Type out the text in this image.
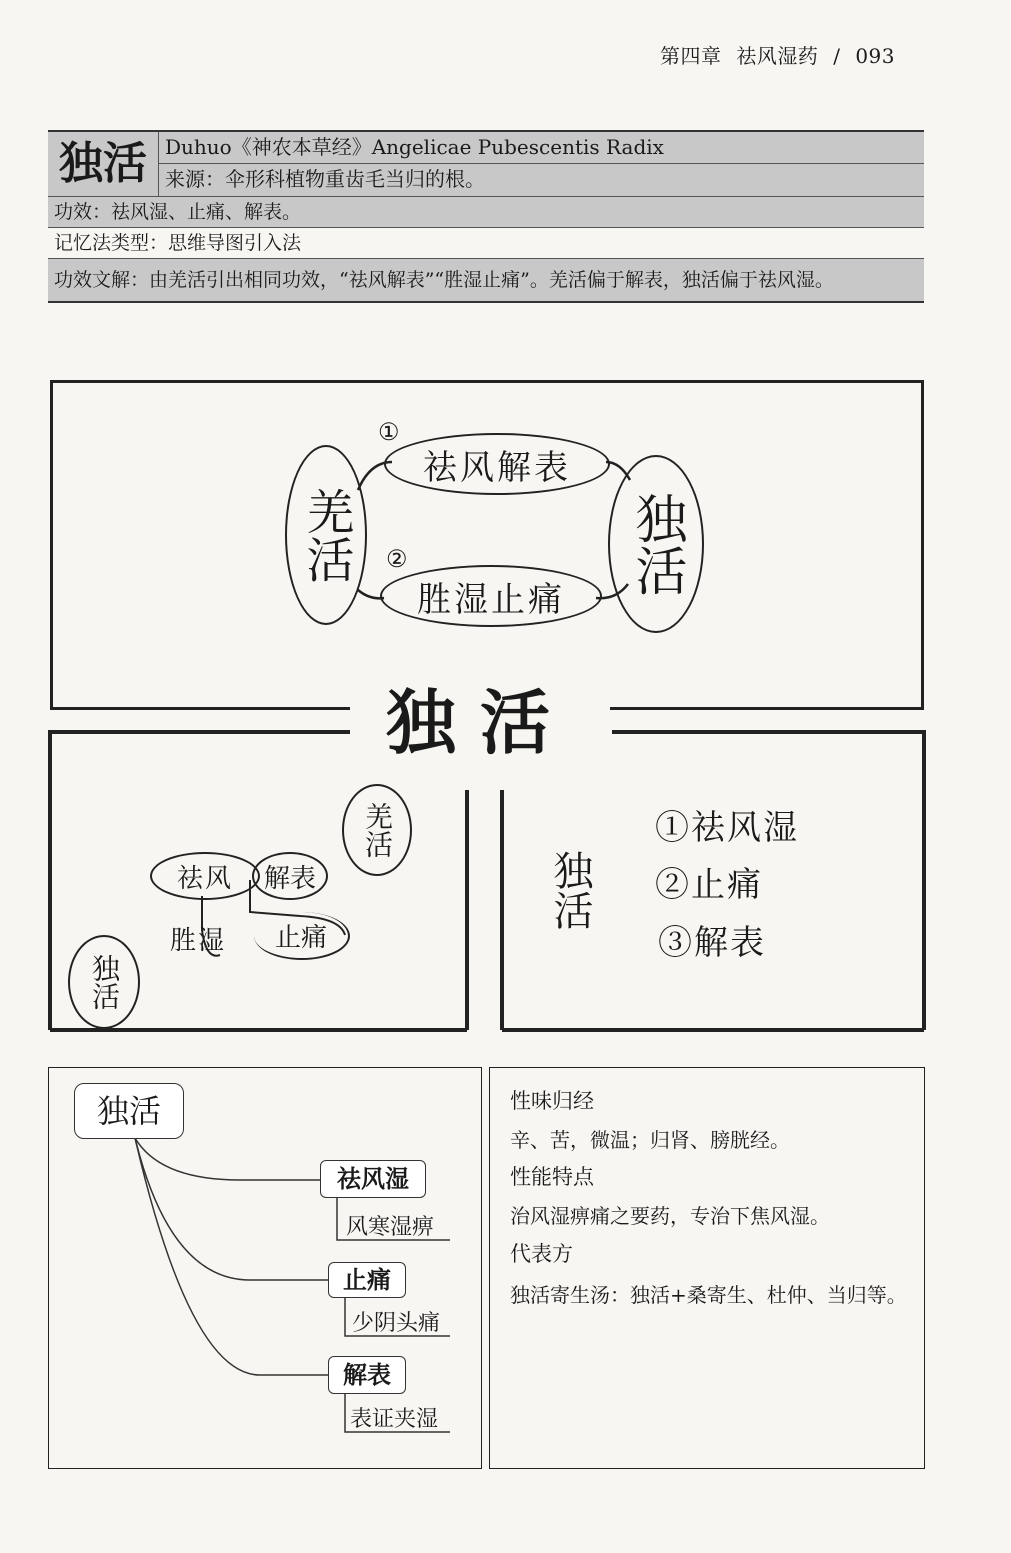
第四章 祛风湿药 / 093
独活 Duhuo《神农本草经》Angelicae Pubescentis Radix
来源：伞形科植物重齿毛当归的根。
功效：祛风湿、止痛、解表。
记忆法类型：思维导图引入法
功效文解：由羌活引出相同功效，“祛风解表”“胜湿止痛”。羌活偏于解表，独活偏于祛风湿。
羌活	独活
①
祛风解表
②
胜湿止痛
独活
羌活
独活
祛风	解表
胜湿	止痛
独活
①祛风湿
②止痛
③解表
独活
祛风湿
风寒湿痹
止痛
少阴头痛
解表
表证夹湿
性味归经
辛、苦，微温；归肾、膀胱经。
性能特点
治风湿痹痛之要药，专治下焦风湿。
代表方
独活寄生汤：独活+桑寄生、杜仲、当归等。
